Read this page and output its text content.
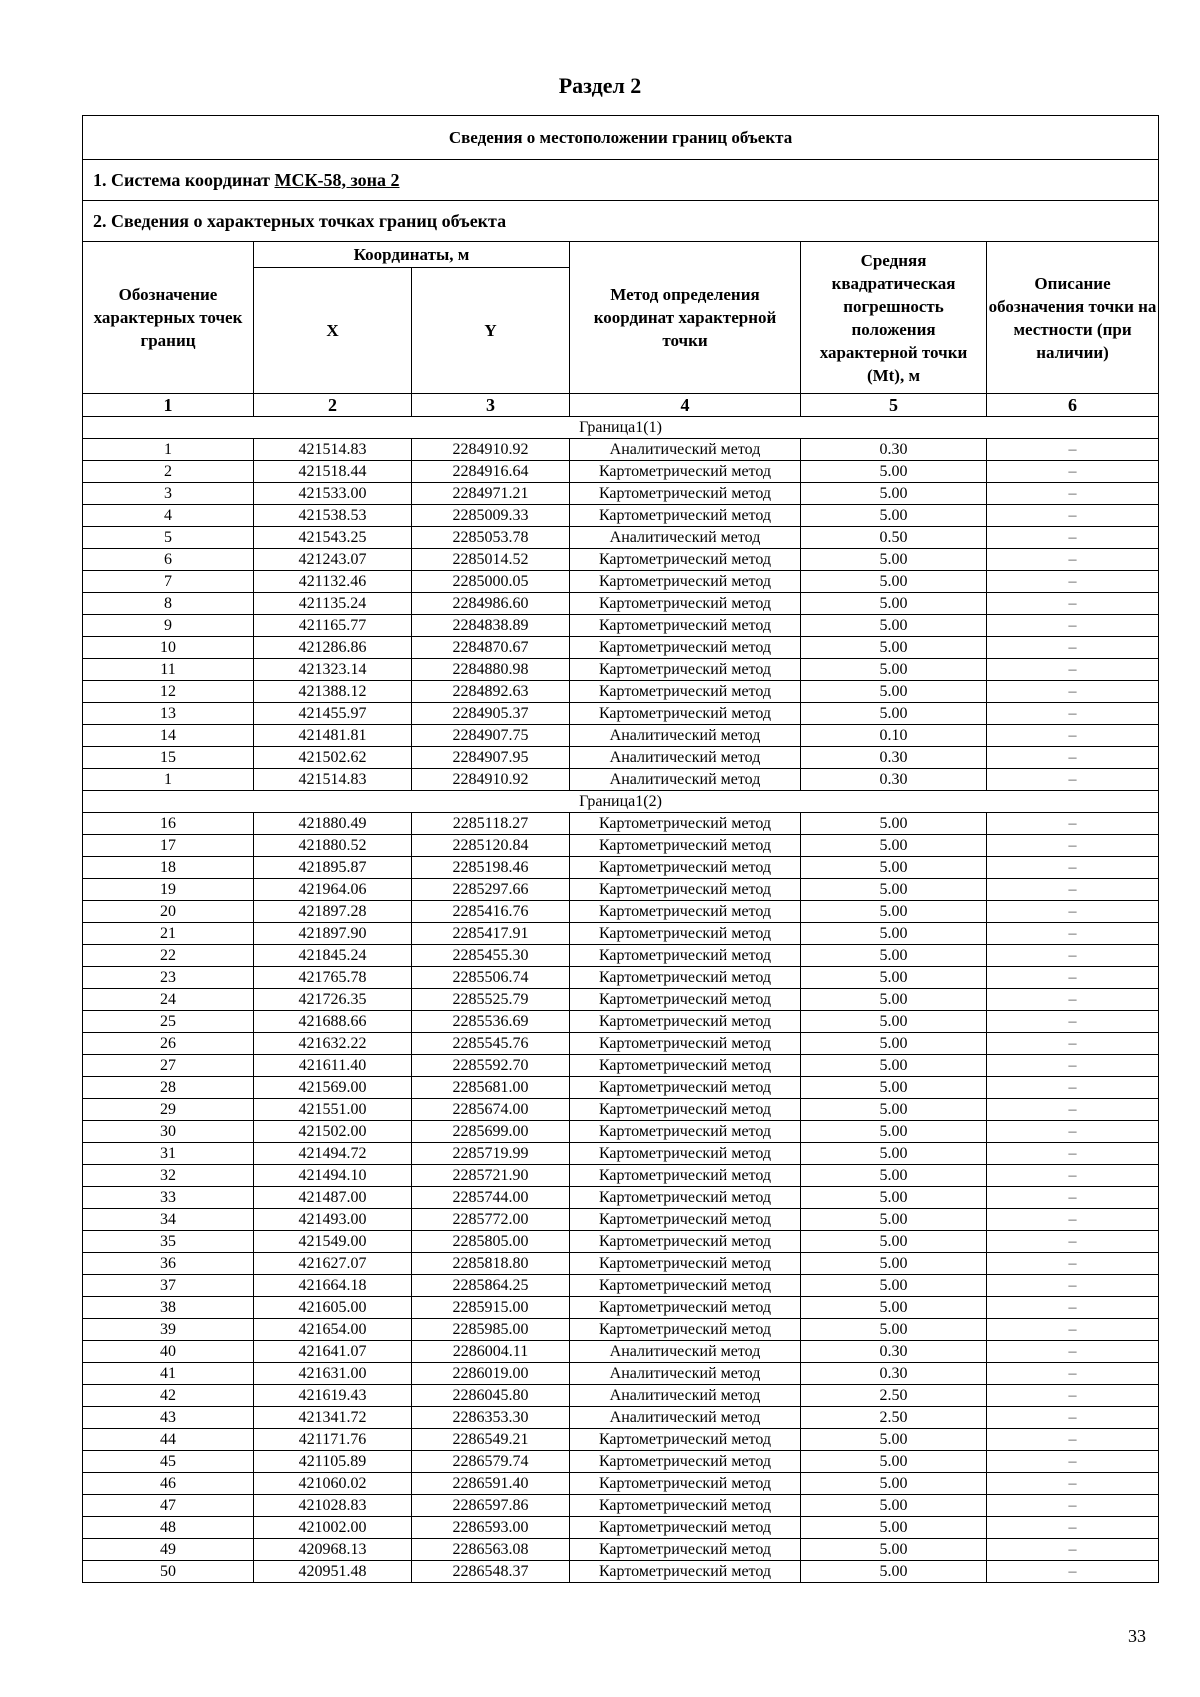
Раздел 2
Сведения о местоположении границ объекта					
1. Система координат МСК-58, зона 2					
2. Сведения о характерных точках границ объекта					
Обозначение характерных точек границ	Координаты, м		Метод определения координат характерной точки	Средняя квадратическая погрешность положения характерной точки (Mt), м	Описание обозначения точки на местности (при наличии)
	X	Y			
1	2	3	4	5	6
Граница1(1)					
1	421514.83	2284910.92	Аналитический метод	0.30	–
2	421518.44	2284916.64	Картометрический метод	5.00	–
3	421533.00	2284971.21	Картометрический метод	5.00	–
4	421538.53	2285009.33	Картометрический метод	5.00	–
5	421543.25	2285053.78	Аналитический метод	0.50	–
6	421243.07	2285014.52	Картометрический метод	5.00	–
7	421132.46	2285000.05	Картометрический метод	5.00	–
8	421135.24	2284986.60	Картометрический метод	5.00	–
9	421165.77	2284838.89	Картометрический метод	5.00	–
10	421286.86	2284870.67	Картометрический метод	5.00	–
11	421323.14	2284880.98	Картометрический метод	5.00	–
12	421388.12	2284892.63	Картометрический метод	5.00	–
13	421455.97	2284905.37	Картометрический метод	5.00	–
14	421481.81	2284907.75	Аналитический метод	0.10	–
15	421502.62	2284907.95	Аналитический метод	0.30	–
1	421514.83	2284910.92	Аналитический метод	0.30	–
Граница1(2)					
16	421880.49	2285118.27	Картометрический метод	5.00	–
17	421880.52	2285120.84	Картометрический метод	5.00	–
18	421895.87	2285198.46	Картометрический метод	5.00	–
19	421964.06	2285297.66	Картометрический метод	5.00	–
20	421897.28	2285416.76	Картометрический метод	5.00	–
21	421897.90	2285417.91	Картометрический метод	5.00	–
22	421845.24	2285455.30	Картометрический метод	5.00	–
23	421765.78	2285506.74	Картометрический метод	5.00	–
24	421726.35	2285525.79	Картометрический метод	5.00	–
25	421688.66	2285536.69	Картометрический метод	5.00	–
26	421632.22	2285545.76	Картометрический метод	5.00	–
27	421611.40	2285592.70	Картометрический метод	5.00	–
28	421569.00	2285681.00	Картометрический метод	5.00	–
29	421551.00	2285674.00	Картометрический метод	5.00	–
30	421502.00	2285699.00	Картометрический метод	5.00	–
31	421494.72	2285719.99	Картометрический метод	5.00	–
32	421494.10	2285721.90	Картометрический метод	5.00	–
33	421487.00	2285744.00	Картометрический метод	5.00	–
34	421493.00	2285772.00	Картометрический метод	5.00	–
35	421549.00	2285805.00	Картометрический метод	5.00	–
36	421627.07	2285818.80	Картометрический метод	5.00	–
37	421664.18	2285864.25	Картометрический метод	5.00	–
38	421605.00	2285915.00	Картометрический метод	5.00	–
39	421654.00	2285985.00	Картометрический метод	5.00	–
40	421641.07	2286004.11	Аналитический метод	0.30	–
41	421631.00	2286019.00	Аналитический метод	0.30	–
42	421619.43	2286045.80	Аналитический метод	2.50	–
43	421341.72	2286353.30	Аналитический метод	2.50	–
44	421171.76	2286549.21	Картометрический метод	5.00	–
45	421105.89	2286579.74	Картометрический метод	5.00	–
46	421060.02	2286591.40	Картометрический метод	5.00	–
47	421028.83	2286597.86	Картометрический метод	5.00	–
48	421002.00	2286593.00	Картометрический метод	5.00	–
49	420968.13	2286563.08	Картометрический метод	5.00	–
50	420951.48	2286548.37	Картометрический метод	5.00	–
33
